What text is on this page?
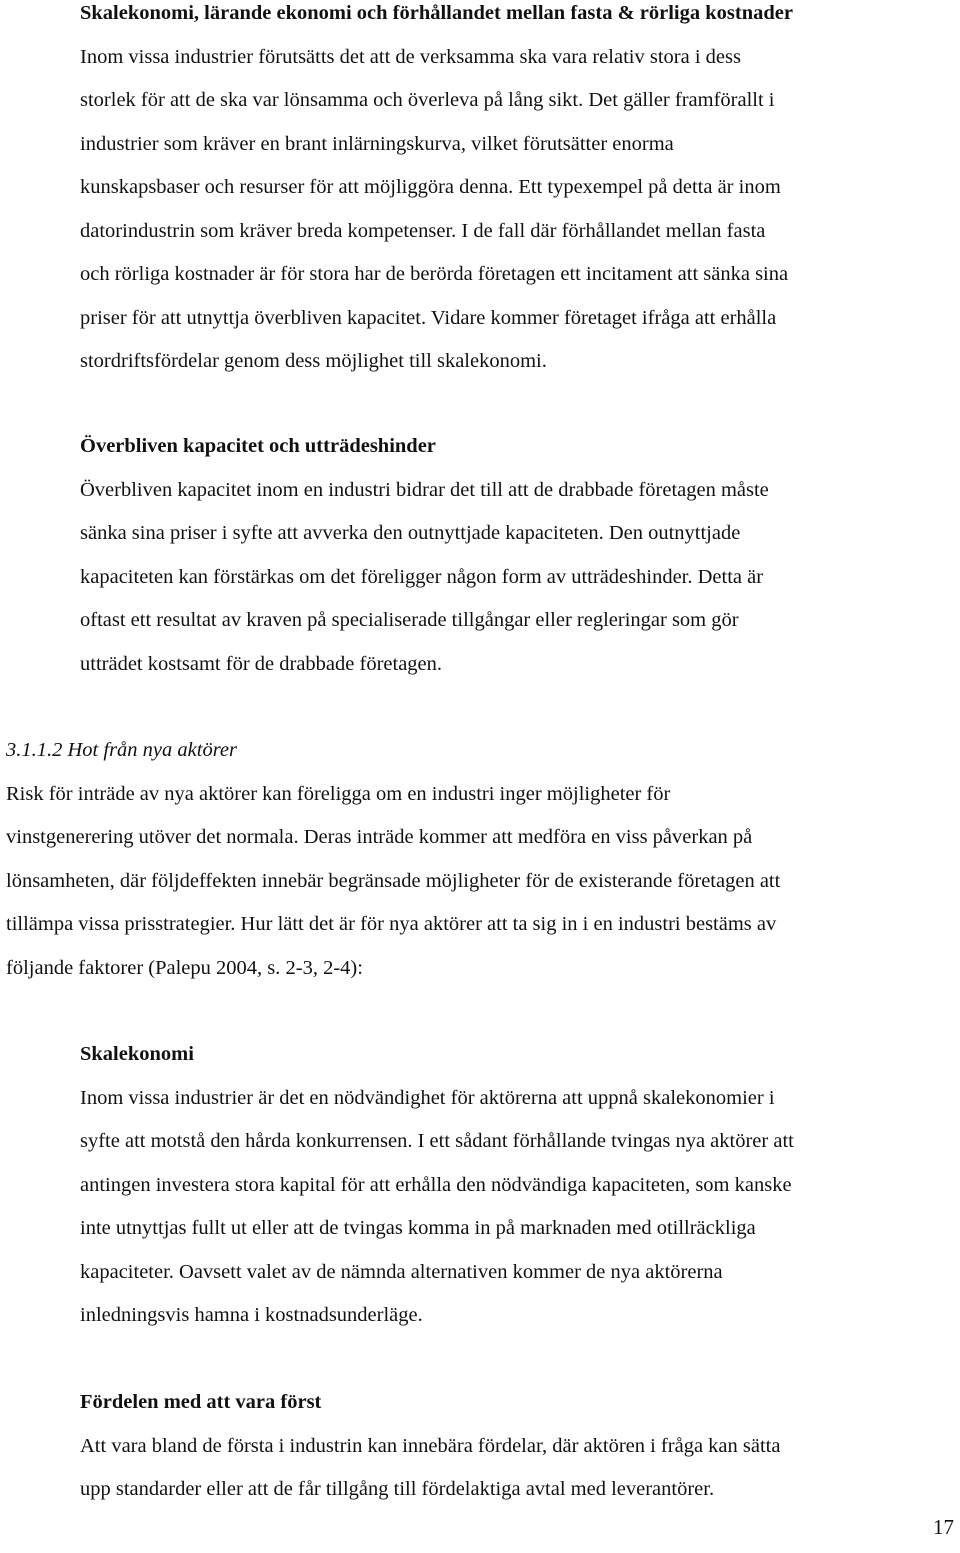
Skalekonomi, lärande ekonomi och förhållandet mellan fasta & rörliga kostnader
Inom vissa industrier förutsätts det att de verksamma ska vara relativ stora i dess
storlek för att de ska var lönsamma och överleva på lång sikt. Det gäller framförallt i
industrier som kräver en brant inlärningskurva, vilket förutsätter enorma
kunskapsbaser och resurser för att möjliggöra denna. Ett typexempel på detta är inom
datorindustrin som kräver breda kompetenser. I de fall där förhållandet mellan fasta
och rörliga kostnader är för stora har de berörda företagen ett incitament att sänka sina
priser för att utnyttja överbliven kapacitet. Vidare kommer företaget ifråga att erhålla
stordriftsfördelar genom dess möjlighet till skalekonomi.
Överbliven kapacitet och utträdeshinder
Överbliven kapacitet inom en industri bidrar det till att de drabbade företagen måste
sänka sina priser i syfte att avverka den outnyttjade kapaciteten. Den outnyttjade
kapaciteten kan förstärkas om det föreligger någon form av utträdeshinder. Detta är
oftast ett resultat av kraven på specialiserade tillgångar eller regleringar som gör
utträdet kostsamt för de drabbade företagen.
3.1.1.2 Hot från nya aktörer
Risk för inträde av nya aktörer kan föreligga om en industri inger möjligheter för
vinstgenerering utöver det normala. Deras inträde kommer att medföra en viss påverkan på
lönsamheten, där följdeffekten innebär begränsade möjligheter för de existerande företagen att
tillämpa vissa prisstrategier. Hur lätt det är för nya aktörer att ta sig in i en industri bestäms av
följande faktorer (Palepu 2004, s. 2-3, 2-4):
Skalekonomi
Inom vissa industrier är det en nödvändighet för aktörerna att uppnå skalekonomier i
syfte att motstå den hårda konkurrensen. I ett sådant förhållande tvingas nya aktörer att
antingen investera stora kapital för att erhålla den nödvändiga kapaciteten, som kanske
inte utnyttjas fullt ut eller att de tvingas komma in på marknaden med otillräckliga
kapaciteter. Oavsett valet av de nämnda alternativen kommer de nya aktörerna
inledningsvis hamna i kostnadsunderläge.
Fördelen med att vara först
Att vara bland de första i industrin kan innebära fördelar, där aktören i fråga kan sätta
upp standarder eller att de får tillgång till fördelaktiga avtal med leverantörer.
17
